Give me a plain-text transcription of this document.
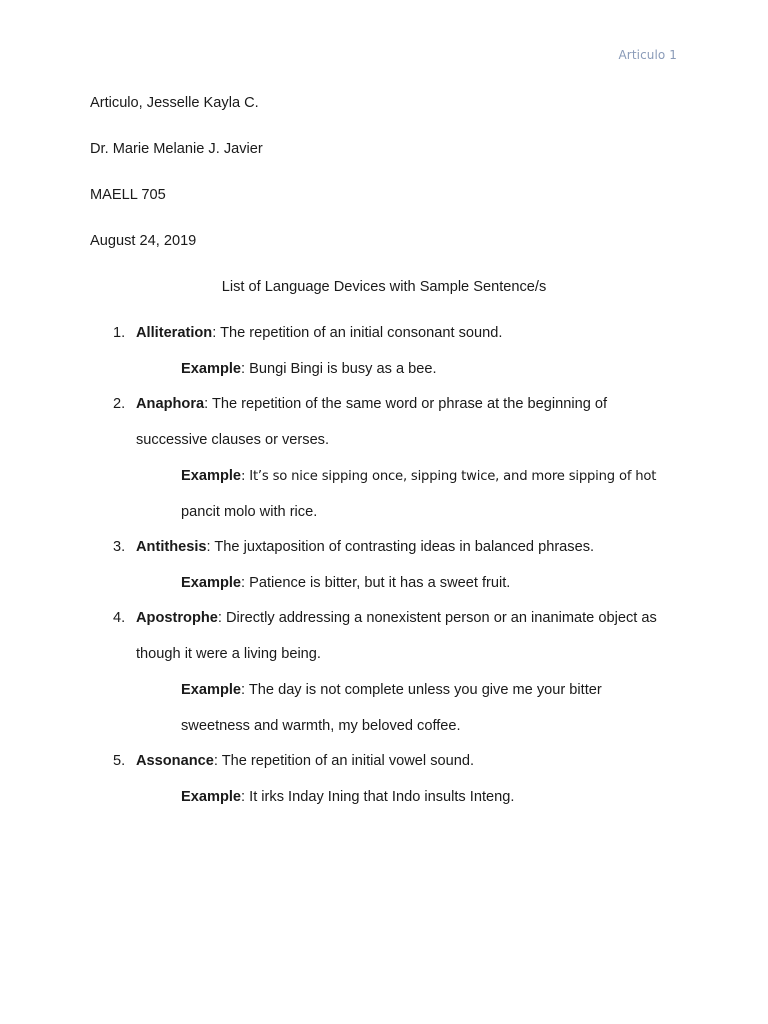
Articulo 1
Articulo, Jesselle Kayla C.
Dr. Marie Melanie J. Javier
MAELL 705
August 24, 2019
List of Language Devices with Sample Sentence/s
1. Alliteration: The repetition of an initial consonant sound.
Example: Bungi Bingi is busy as a bee.
2. Anaphora: The repetition of the same word or phrase at the beginning of
successive clauses or verses.
Example: It’s so nice sipping once, sipping twice, and more sipping of hot
pancit molo with rice.
3. Antithesis: The juxtaposition of contrasting ideas in balanced phrases.
Example: Patience is bitter, but it has a sweet fruit.
4. Apostrophe: Directly addressing a nonexistent person or an inanimate object as
though it were a living being.
Example: The day is not complete unless you give me your bitter
sweetness and warmth, my beloved coffee.
5. Assonance: The repetition of an initial vowel sound.
Example: It irks Inday Ining that Indo insults Inteng.
